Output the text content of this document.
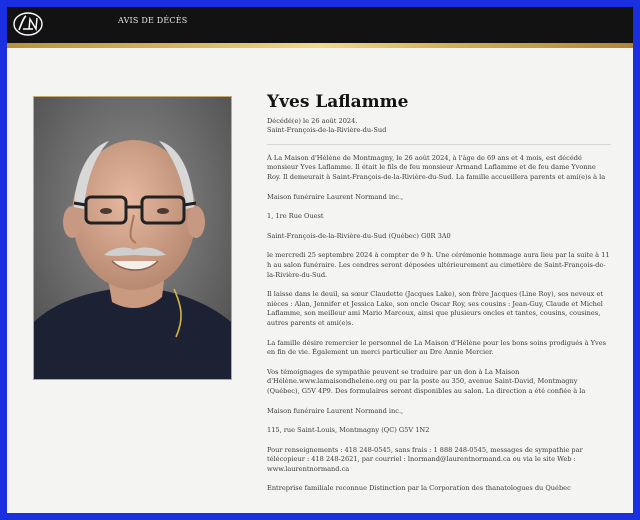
AVIS DE DÉCÈS
Yves Laflamme
Décédé(e) le 26 août 2024.
Saint-François-de-la-Rivière-du-Sud

À La Maison d'Hélène de Montmagny, le 26 août 2024, à l'âge de 69 ans et 4 mois, est décédé monsieur Yves Laflamme. Il était le fils de feu monsieur Armand Laflamme et de feu dame Yvonne Roy. Il demeurait à Saint-François-de-la-Rivière-du-Sud. La famille accueillera parents et ami(e)s à la

Maison funéraire Laurent Normand inc.,

1, 1re Rue Ouest

Saint-François-de-la-Rivière-du-Sud (Québec) G0R 3A0

le mercredi 25 septembre 2024 à compter de 9 h. Une cérémonie hommage aura lieu par la suite à 11 h au salon funéraire. Les cendres seront déposées ultérieurement au cimetière de Saint-François-de-la-Rivière-du-Sud.

Il laisse dans le deuil, sa sœur Claudette (Jacques Lake), son frère Jacques (Line Roy), ses neveux et nièces : Alan, Jennifer et Jessica Lake, son oncle Oscar Roy, ses cousins : Jean-Guy, Claude et Michel Laflamme, son meilleur ami Mario Marcoux, ainsi que plusieurs oncles et tantes, cousins, cousines, autres parents et ami(e)s.

La famille désire remercier le personnel de La Maison d'Hélène pour les bons soins prodigués à Yves en fin de vie. Également un merci particulier au Dre Annie Mercier.

Vos témoignages de sympathie peuvent se traduire par un don à La Maison d'Hélène.www.lamaisondhelene.org ou par la poste au 350, avenue Saint-David, Montmagny (Québec), G5V 4P9. Des formulaires seront disponibles au salon. La direction a été confiée à la

Maison funéraire Laurent Normand inc.,

115, rue Saint-Louis, Montmagny (QC) G5V 1N2

Pour renseignements : 418 248-0545, sans frais : 1 888 248-0545, messages de sympathie par télécopieur : 418 248-2621, par courriel : lnormand@laurentnormand.ca ou via le site Web : www.laurentnormand.ca

Entreprise familiale reconnue Distinction par la Corporation des thanatologues du Québec
